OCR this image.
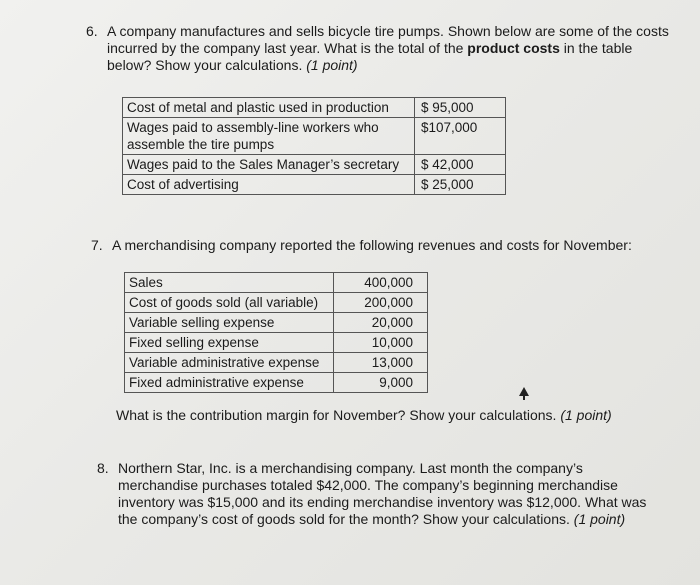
6. A company manufactures and sells bicycle tire pumps. Shown below are some of the costs incurred by the company last year. What is the total of the product costs in the table below? Show your calculations. (1 point)
Cost of metal and plastic used in production	$ 95,000
Wages paid to assembly-line workers who assemble the tire pumps	$107,000
Wages paid to the Sales Manager’s secretary	$ 42,000
Cost of advertising	$ 25,000
7. A merchandising company reported the following revenues and costs for November:
Sales	400,000
Cost of goods sold (all variable)	200,000
Variable selling expense	20,000
Fixed selling expense	10,000
Variable administrative expense	13,000
Fixed administrative expense	9,000
What is the contribution margin for November? Show your calculations. (1 point)
8. Northern Star, Inc. is a merchandising company. Last month the company’s merchandise purchases totaled $42,000. The company’s beginning merchandise inventory was $15,000 and its ending merchandise inventory was $12,000. What was the company’s cost of goods sold for the month? Show your calculations. (1 point)
